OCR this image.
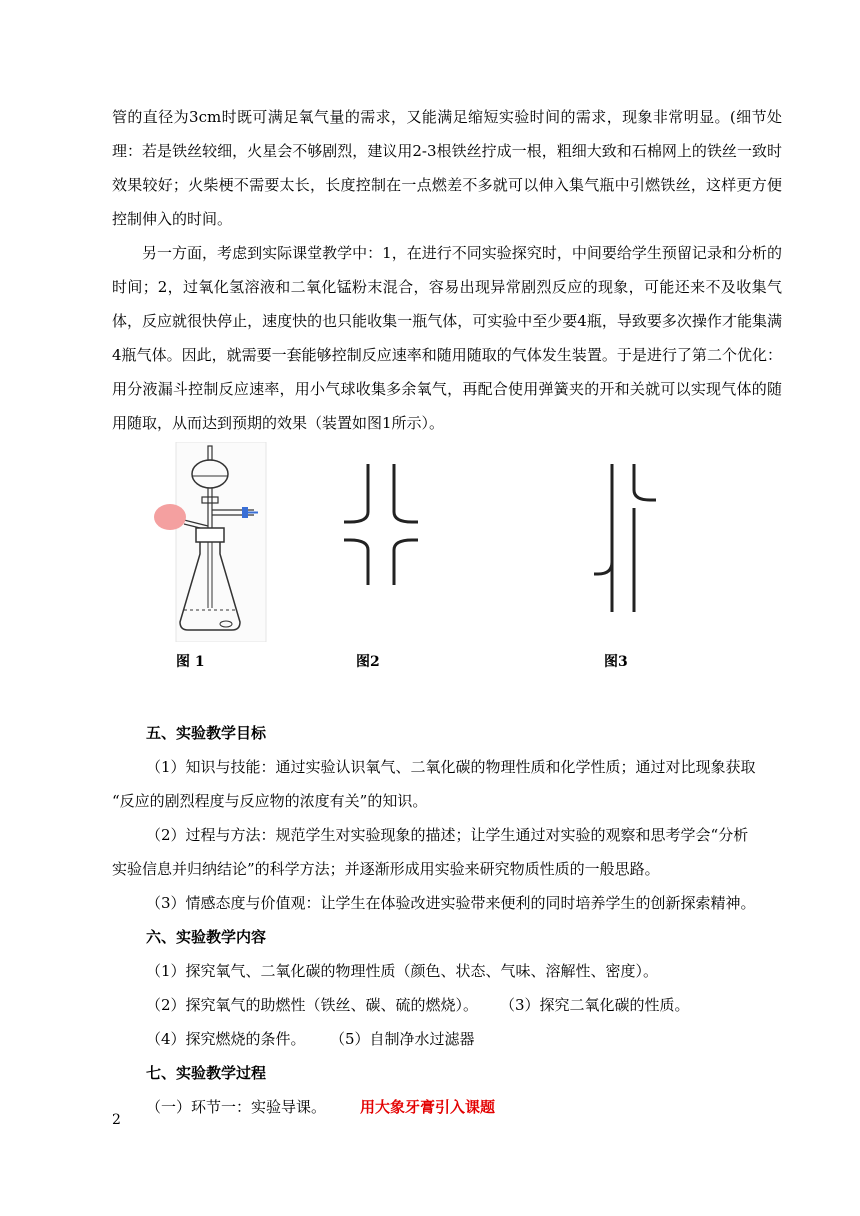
管的直径为3cm时既可满足氧气量的需求，又能满足缩短实验时间的需求，现象非常明显。(细节处理：若是铁丝较细，火星会不够剧烈，建议用2-3根铁丝拧成一根，粗细大致和石棉网上的铁丝一致时效果较好；火柴梗不需要太长，长度控制在一点燃差不多就可以伸入集气瓶中引燃铁丝，这样更方便控制伸入的时间。

另一方面，考虑到实际课堂教学中：1，在进行不同实验探究时，中间要给学生预留记录和分析的时间；2，过氧化氢溶液和二氧化锰粉末混合，容易出现异常剧烈反应的现象，可能还来不及收集气体，反应就很快停止，速度快的也只能收集一瓶气体，可实验中至少要4瓶，导致要多次操作才能集满4瓶气体。因此，就需要一套能够控制反应速率和随用随取的气体发生装置。于是进行了第二个优化：用分液漏斗控制反应速率，用小气球收集多余氧气，再配合使用弹簧夹的开和关就可以实现气体的随用随取，从而达到预期的效果（装置如图1所示）。

图 1	图2	图3
五、实验教学目标
（1）知识与技能：通过实验认识氧气、二氧化碳的物理性质和化学性质；通过对比现象获取
“反应的剧烈程度与反应物的浓度有关”的知识。
（2）过程与方法：规范学生对实验现象的描述；让学生通过对实验的观察和思考学会“分析
实验信息并归纳结论”的科学方法；并逐渐形成用实验来研究物质性质的一般思路。
（3）情感态度与价值观：让学生在体验改进实验带来便利的同时培养学生的创新探索精神。
六、实验教学内容
（1）探究氧气、二氧化碳的物理性质（颜色、状态、气味、溶解性、密度）。
（2）探究氧气的助燃性（铁丝、碳、硫的燃烧）。 （3）探究二氧化碳的性质。
（4）探究燃烧的条件。 （5）自制净水过滤器
七、实验教学过程
（一）环节一：实验导课。 用大象牙膏引入课题
2
